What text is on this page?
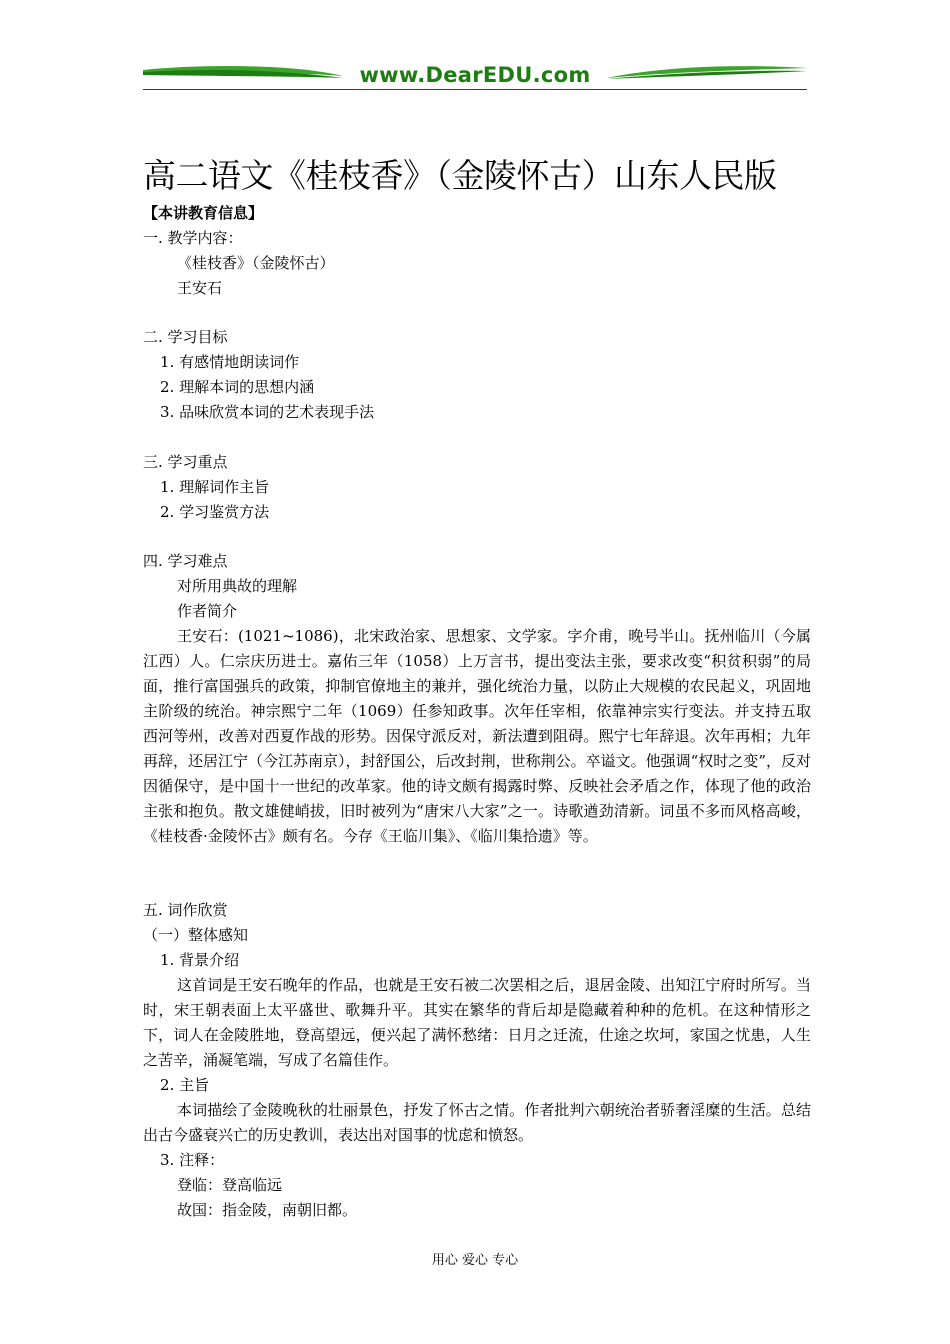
www.DearEDU.com
高二语文《桂枝香》（金陵怀古）山东人民版
【本讲教育信息】
一. 教学内容：
《桂枝香》（金陵怀古）
王安石
二. 学习目标
1. 有感情地朗读词作
2. 理解本词的思想内涵
3. 品味欣赏本词的艺术表现手法
三. 学习重点
1. 理解词作主旨
2. 学习鉴赏方法
四. 学习难点
对所用典故的理解
作者简介
王安石：(1021~1086)，北宋政治家、思想家、文学家。字介甫，晚号半山。抚州临川（今属江西）人。仁宗庆历进士。嘉佑三年（1058）上万言书，提出变法主张，要求改变“积贫积弱”的局面，推行富国强兵的政策，抑制官僚地主的兼并，强化统治力量，以防止大规模的农民起义，巩固地主阶级的统治。神宗熙宁二年（1069）任参知政事。次年任宰相，依靠神宗实行变法。并支持五取西河等州，改善对西夏作战的形势。因保守派反对，新法遭到阻碍。熙宁七年辞退。次年再相；九年再辞，还居江宁（今江苏南京），封舒国公，后改封荆，世称荆公。卒谥文。他强调“权时之变”，反对因循保守，是中国十一世纪的改革家。他的诗文颇有揭露时弊、反映社会矛盾之作，体现了他的政治主张和抱负。散文雄健峭拔，旧时被列为“唐宋八大家”之一。诗歌遒劲清新。词虽不多而风格高峻，《桂枝香·金陵怀古》颇有名。今存《王临川集》、《临川集拾遗》等。
五. 词作欣赏
（一）整体感知
1. 背景介绍
这首词是王安石晚年的作品，也就是王安石被二次罢相之后，退居金陵、出知江宁府时所写。当时，宋王朝表面上太平盛世、歌舞升平。其实在繁华的背后却是隐藏着种种的危机。在这种情形之下，词人在金陵胜地，登高望远，便兴起了满怀愁绪：日月之迁流，仕途之坎坷，家国之忧患，人生之苦辛，涌凝笔端，写成了名篇佳作。
2. 主旨
本词描绘了金陵晚秋的壮丽景色，抒发了怀古之情。作者批判六朝统治者骄奢淫糜的生活。总结出古今盛衰兴亡的历史教训，表达出对国事的忧虑和愤怒。
3. 注释：
登临：登高临远
故国：指金陵，南朝旧都。
用心 爱心 专心
